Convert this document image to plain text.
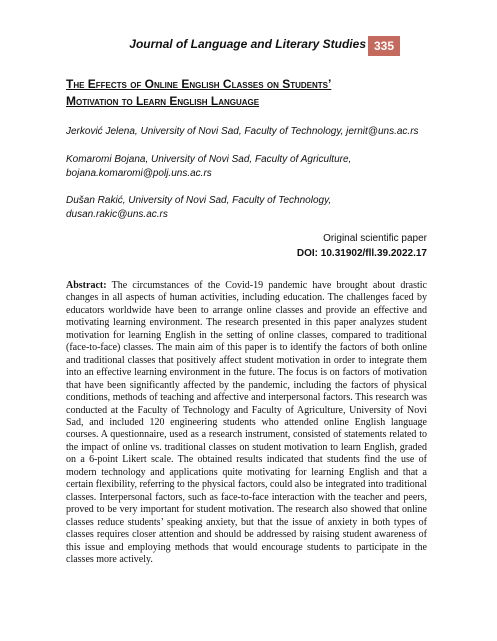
Journal of Language and Literary Studies 335
The Effects of Online English Classes on Students’
Motivation to Learn English Language
Jerković Jelena, University of Novi Sad, Faculty of Technology, jernit@uns.ac.rs
Komaromi Bojana, University of Novi Sad, Faculty of Agriculture,
bojana.komaromi@polj.uns.ac.rs
Dušan Rakić, University of Novi Sad, Faculty of Technology,
dusan.rakic@uns.ac.rs
Original scientific paper
DOI: 10.31902/fll.39.2022.17

Abstract: The circumstances of the Covid-19 pandemic have brought about drastic changes in all aspects of human activities, including education. The challenges faced by educators worldwide have been to arrange online classes and provide an effective and motivating learning environment. The research presented in this paper analyzes student motivation for learning English in the setting of online classes, compared to traditional (face-to-face) classes. The main aim of this paper is to identify the factors of both online and traditional classes that positively affect student motivation in order to integrate them into an effective learning environment in the future. The focus is on factors of motivation that have been significantly affected by the pandemic, including the factors of physical conditions, methods of teaching and affective and interpersonal factors. This research was conducted at the Faculty of Technology and Faculty of Agriculture, University of Novi Sad, and included 120 engineering students who attended online English language courses. A questionnaire, used as a research instrument, consisted of statements related to the impact of online vs. traditional classes on student motivation to learn English, graded on a 6-point Likert scale. The obtained results indicated that students find the use of modern technology and applications quite motivating for learning English and that a certain flexibility, referring to the physical factors, could also be integrated into traditional classes. Interpersonal factors, such as face-to-face interaction with the teacher and peers, proved to be very important for student motivation. The research also showed that online classes reduce students’ speaking anxiety, but that the issue of anxiety in both types of classes requires closer attention and should be addressed by raising student awareness of this issue and employing methods that would encourage students to participate in the classes more actively.
